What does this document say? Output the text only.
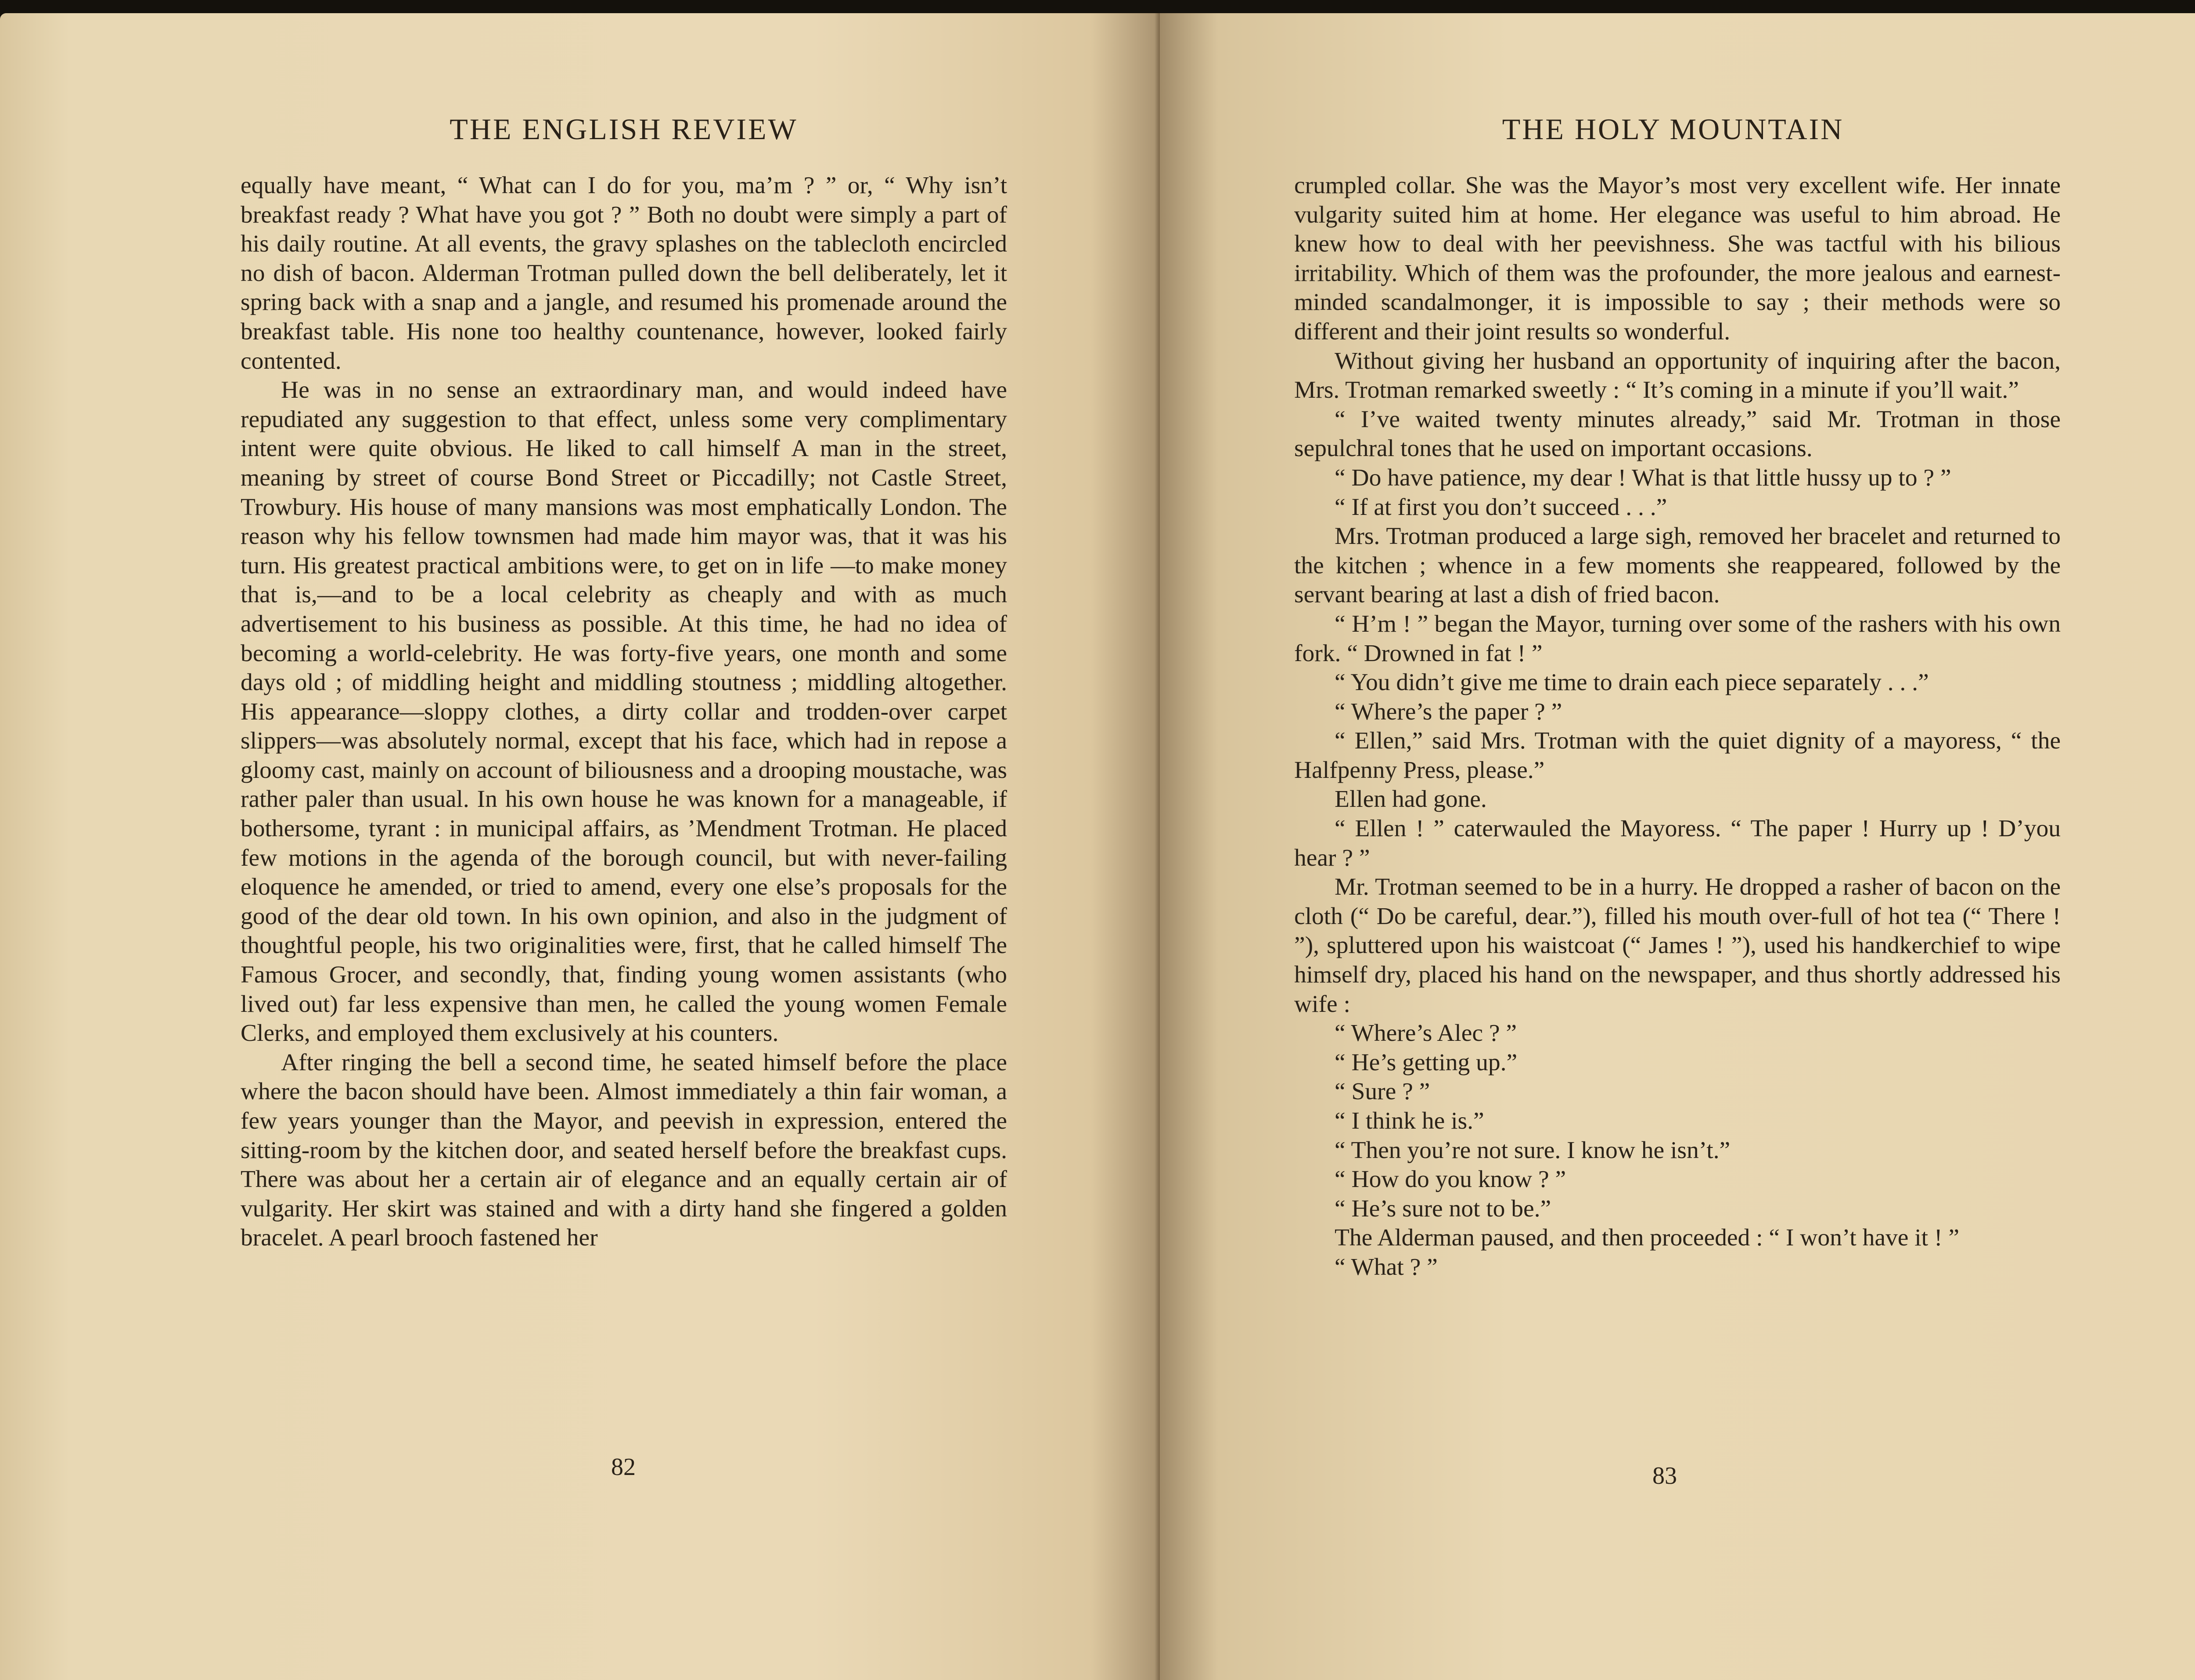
THE ENGLISH REVIEW

equally have meant, “ What can I do for you, ma’m ? ” or, “ Why isn’t breakfast ready ? What have you got ? ” Both no doubt were simply a part of his daily routine. At all events, the gravy splashes on the tablecloth encircled no dish of bacon. Alderman Trotman pulled down the bell deliberately, let it spring back with a snap and a jangle, and resumed his promenade around the breakfast table. His none too healthy countenance, however, looked fairly contented.

He was in no sense an extraordinary man, and would indeed have repudiated any suggestion to that effect, unless some very complimentary intent were quite obvious. He liked to call himself A man in the street, meaning by street of course Bond Street or Piccadilly; not Castle Street, Trowbury. His house of many mansions was most emphatically London. The reason why his fellow townsmen had made him mayor was, that it was his turn. His greatest practical ambitions were, to get on in life —to make money that is,—and to be a local celebrity as cheaply and with as much advertisement to his business as possible. At this time, he had no idea of becoming a world-celebrity. He was forty-five years, one month and some days old ; of middling height and middling stoutness ; middling altogether. His appearance—sloppy clothes, a dirty collar and trodden-over carpet slippers—was absolutely normal, except that his face, which had in repose a gloomy cast, mainly on account of biliousness and a drooping moustache, was rather paler than usual. In his own house he was known for a manageable, if bothersome, tyrant : in municipal affairs, as ’Mendment Trotman. He placed few motions in the agenda of the borough council, but with never-failing eloquence he amended, or tried to amend, every one else’s proposals for the good of the dear old town. In his own opinion, and also in the judgment of thoughtful people, his two originalities were, first, that he called himself The Famous Grocer, and secondly, that, finding young women assistants (who lived out) far less expensive than men, he called the young women Female Clerks, and employed them exclusively at his counters.

After ringing the bell a second time, he seated himself before the place where the bacon should have been. Almost immediately a thin fair woman, a few years younger than the Mayor, and peevish in expression, entered the sitting-room by the kitchen door, and seated herself before the breakfast cups. There was about her a certain air of elegance and an equally certain air of vulgarity. Her skirt was stained and with a dirty hand she fingered a golden bracelet. A pearl brooch fastened her

82
THE HOLY MOUNTAIN

crumpled collar. She was the Mayor’s most very excellent wife. Her innate vulgarity suited him at home. Her elegance was useful to him abroad. He knew how to deal with her peevishness. She was tactful with his bilious irritability. Which of them was the profounder, the more jealous and earnest-minded scandalmonger, it is impossible to say ; their methods were so different and their joint results so wonderful.

Without giving her husband an opportunity of inquiring after the bacon, Mrs. Trotman remarked sweetly : “ It’s coming in a minute if you’ll wait.”

“ I’ve waited twenty minutes already,” said Mr. Trotman in those sepulchral tones that he used on important occasions.

“ Do have patience, my dear ! What is that little hussy up to ? ”

“ If at first you don’t succeed . . .”

Mrs. Trotman produced a large sigh, removed her bracelet and returned to the kitchen ; whence in a few moments she reappeared, followed by the servant bearing at last a dish of fried bacon.

“ H’m ! ” began the Mayor, turning over some of the rashers with his own fork. “ Drowned in fat ! ”

“ You didn’t give me time to drain each piece separately . . .”

“ Where’s the paper ? ”

“ Ellen,” said Mrs. Trotman with the quiet dignity of a mayoress, “ the Halfpenny Press, please.”

Ellen had gone.

“ Ellen ! ” caterwauled the Mayoress. “ The paper ! Hurry up ! D’you hear ? ”

Mr. Trotman seemed to be in a hurry. He dropped a rasher of bacon on the cloth (“ Do be careful, dear.”), filled his mouth over-full of hot tea (“ There ! ”), spluttered upon his waistcoat (“ James ! ”), used his handkerchief to wipe himself dry, placed his hand on the newspaper, and thus shortly addressed his wife :

“ Where’s Alec ? ”

“ He’s getting up.”

“ Sure ? ”

“ I think he is.”

“ Then you’re not sure. I know he isn’t.”

“ How do you know ? ”

“ He’s sure not to be.”

The Alderman paused, and then proceeded : “ I won’t have it ! ”

“ What ? ”

83
